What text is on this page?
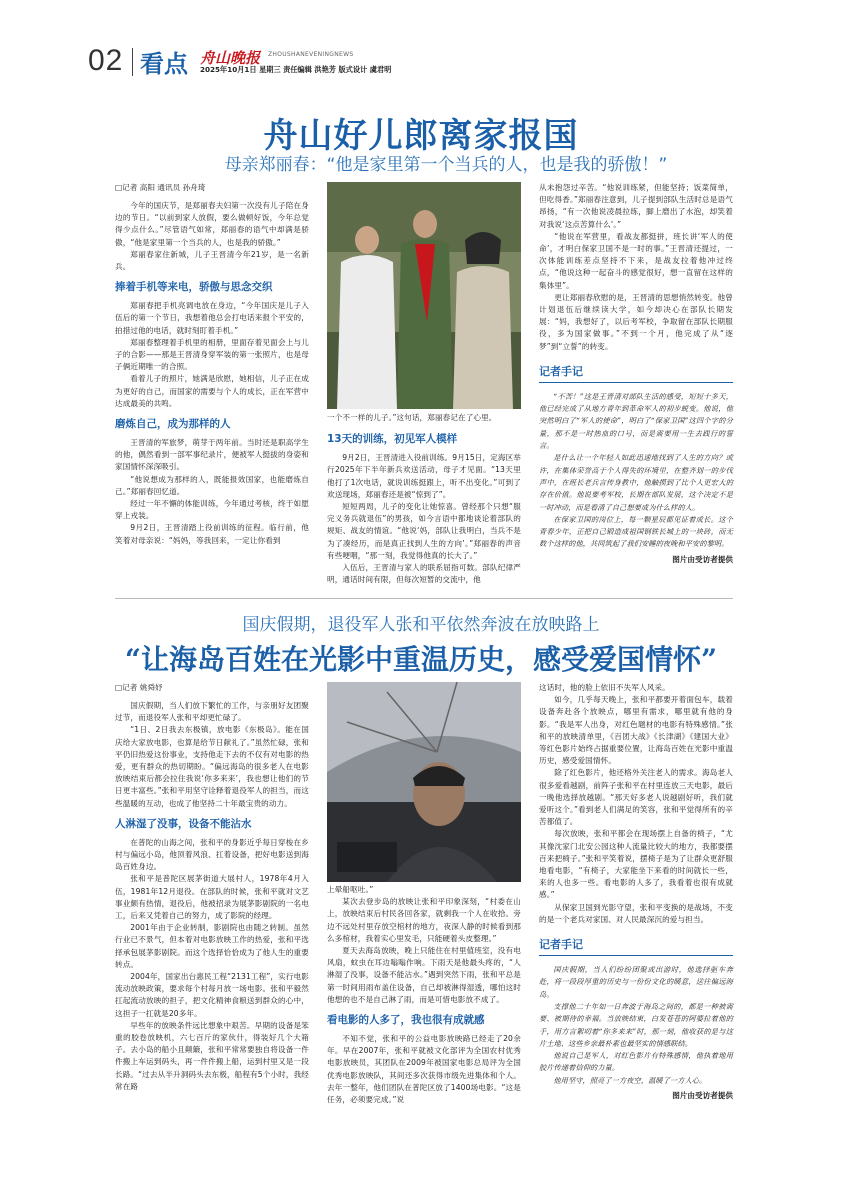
02 看点 舟山晚报 ZHOUSHANEVENINGNEWS
2025年10月1日 星期三 责任编辑 洪艳芳 版式设计 虞君明
舟山好儿郎离家报国
母亲郑丽春：“他是家里第一个当兵的人，也是我的骄傲！”
□记者 高阳 通讯员 孙舟琦

今年的国庆节，是郑丽春夫妇第一次没有儿子陪在身边的节日。“以前到家人放假，要么做顿好饭，今年总觉得少点什么。”尽管语气如常，郑丽春的语气中却满是骄傲，“他是家里第一个当兵的人，也是我的骄傲。”

郑丽春家住新城，儿子王晋清今年21岁，是一名新兵。

捧着手机等来电，骄傲与思念交织

郑丽春把手机亮调电放在身边，“今年国庆是儿子入伍后的第一个节日，我想着他总会打电话来报个平安的，拍措过他的电话，就时刻盯着手机。”

郑丽春整理着手机里的相册，里面存着见面会上与儿子的合影——那是王晋清身穿军装的第一张照片，也是母子俩近期唯一的合照。

看着儿子的照片，她满是欣慰，她相信，儿子正在成为更好的自己，而国家的需要与个人的成长，正在军营中达成最美的共鸣。

磨炼自己，成为那样的人

王晋清的军旅梦，萌芽于两年前。当时还是职高学生的他，偶然看到一部军事纪录片，便被军人挺拔的身姿和家国情怀深深吸引。

“他说想成为那样的人，既能报效国家，也能磨炼自己。”郑丽春回忆道。

经过一年不懈的体能训练，今年通过考核，终于如愿穿上戎装。

9月2日，王晋清踏上役前训练的征程。临行前，他笑着对母亲说：“妈妈，等我回来，一定让你看到

一个不一样的儿子。”这句话，郑丽春记在了心里。

13天的训练，初见军人模样

9月2日，王晋清进入役前训练。9月15日，定海区举行2025年下半年新兵欢送活动，母子才见面。“13天里他打了1次电话，就说训练挺跟上，听不出变化。”可到了欢送现场，郑丽春还是被“惊到了”。

短短两周，儿子的变化让她惊喜。曾经那个只想“服完义务兵就退伍”的男孩，如今言语中都地谈论着部队的规矩、战友的情谊。“他说‘妈，部队让我明白，当兵不是为了凑经历，而是真正找到人生的方向’。”郑丽春的声音有些哽咽，“那一刻，我觉得他真的长大了。”

入伍后，王晋清与家人的联系屈指可数。部队纪律严明，通话时间有限，但每次短暂的交流中，他

从未抱怨过辛苦。“他说训练紧，但能坚持；饭菜简单，但吃得香。”郑丽春注意到，儿子提到部队生活时总是语气昂扬，“有一次他说凌晨拉练，脚上磨出了水泡，却笑着对我说‘这点苦算什么’。”

“他说在军营里，看战友都挺拼，班长讲‘军人的使命’，才明白保家卫国不是一时的事。”王晋清还提过，一次体能训练差点坚持不下来，是战友拉着他冲过终点，“他说这种一起奋斗的感觉很好，想一直留在这样的集体里”。

更让郑丽春欣慰的是，王晋清的思想悄然转变。他曾计划退伍后继续读大学，如今却决心在部队长期发展：“妈，我想好了，以后考军校，争取留在部队长期服役，多为国家做事。”不到一个月，他完成了从“逐梦”到“立誓”的转变。

记者手记

“不苦！”这是王晋清对部队生活的感受，短短十多天，他已经完成了从地方青年到革命军人的初步蜕变。他说，他突然明白了“军人的使命”，明白了“保家卫国”这四个字的分量，那不是一时热血的口号，而是需要用一生去践行的誓言。

是什么让一个年轻人如此迅速地找到了人生的方向？或许，在集体荣誉高于个人得失的环境里，在整齐划一的步伐声中，在班长老兵言传身教中，他触摸到了比个人更宏大的存在价值。他说要考军校，长期在部队发展，这个决定不是一时冲动，而是看清了自己想要成为什么样的人。

在保家卫国的岗位上，每一颗星辰都见证着成长。这个青春少年，正把自己锻造成祖国钢铁长城上的一块砖，而无数个这样的他，共同筑起了我们安睡的夜晚和平安的黎明。

图片由受访者提供
国庆假期，退役军人张和平依然奔波在放映路上
“让海岛百姓在光影中重温历史，感受爱国情怀”
□记者 姚舜妤

国庆假期，当人们放下繁忙的工作，与亲朋好友团聚过节，而退役军人张和平却更忙碌了。

“1日、2日我去东极镇，放电影《东极岛》。能在国庆给大家放电影，也算是给节日献礼了。”虽然忙碌，张和平仍旧热爱这份事业，支持他走下去的不仅有对电影的热爱，更有群众的热切期盼。“偏远海岛的很多老人在电影放映结束后都会拉住我说‘你多来来’，我也想让他们的节日更丰富些。”张和平用坚守诠释着退役军人的担当，而这些温暖的互动，也成了他坚持二十年最宝贵的动力。

人淋湿了没事，设备不能沾水

在普陀的山海之间，张和平的身影近乎每日穿梭在乡村与偏远小岛，他顶着风浪、扛着设备，把好电影送到海岛百姓身边。

张和平是普陀区展茅街道大展村人，1978年4月入伍，1981年12月退役。在部队的时候，张和平就对文艺事业颇有热情，退役后，他被招录为展茅影剧院的一名电工，后来又凭着自己的努力，成了影院的经理。

2001年由于企业转制，影剧院也由随之转制。虽然行业已不景气，但本着对电影放映工作的热爱，张和平选择承包展茅影剧院。而这个选择恰恰成为了他人生的重要转点。

2004年，国家出台惠民工程“2131工程”，实行电影流动放映政策，要求每个村每月放一场电影。张和平毅然扛起流动放映的担子，把文化精神食粮送到群众的心中，这担子一扛就是20多年。

早些年的放映条件远比想象中艰苦。早期的设备是笨重的胶卷放映机，六七百斤的家伙什，得装好几个大箱子。去小岛的船小且颠簸，张和平常常要独自将设备一件件搬上车运到码头，再一件件搬上船，运到村里又是一段长路。“过去从半升洞码头去东极，船程有5个小时，我经常在路

上晕船呕吐。”

某次去登步岛的放映让张和平印象深刻，“村委在山上，放映结束后村民各回各家，就剩我一个人在收拾。旁边不远处村里存放空棺材的地方，夜深人静的时候看到那么多棺材，我着实心里发毛，只能硬着头皮整理。”

夏天去海岛放映，晚上只能住在村里值班室，没有电风扇，蚊虫在耳边嗡嗡作响。下雨天是他最头疼的，“人淋湿了没事，设备不能沾水。”遇到突然下雨，张和平总是第一时间用雨布盖住设备，自己却被淋得湿透，哪怕这时他想的也不是自己淋了雨，而是可惜电影放不成了。

看电影的人多了，我也很有成就感

不知不觉，张和平的公益电影放映路已经走了20余年。早在2007年，张和平就被文化部评为全国农村优秀电影放映员，其团队在2009年被国家电影总局评为全国优秀电影放映队，其间还多次获得市级先进集体和个人。去年一整年，他们团队在普陀区放了1400场电影。“这是任务，必须要完成。”说

这话时，他的脸上依旧不失军人风采。

如今，几乎每天晚上，张和平都要开着面包车，载着设备奔赴各个放映点，哪里有需求，哪里就有他的身影。“我是军人出身，对红色题材的电影有特殊感情。”张和平的放映清单里，《百团大战》《长津湖》《建国大业》等红色影片始终占据重要位置，让海岛百姓在光影中重温历史，感受爱国情怀。

除了红色影片，他还格外关注老人的需求。海岛老人很多爱看越剧，前阵子张和平在村里连放三天电影，最后一晚他选择放越剧。“那天好多老人说越剧好听，我们就爱听这个。”看到老人们满足的笑容，张和平觉得所有的辛苦都值了。

每次放映，张和平都会在现场摆上自备的椅子，“尤其像沈家门北安公园这种人流量比较大的地方，我都要摆百来把椅子。”张和平笑着说，摆椅子是为了让群众更舒服地看电影，“有椅子，大家能坐下来看的时间就长一些，来的人也多一些。看电影的人多了，我看着也很有成就感。”

从保家卫国到光影守望，张和平变换的是战场，不变的是一个老兵对家国、对人民最深沉的爱与担当。

记者手记

国庆假期，当人们纷纷团聚或出游时，他选择驱车奔赴，将一段段厚重的历史与一份份文化的暖意，送往偏远海岛。

支撑他二十年如一日奔波于海岛之间的，都是一种被需要、被期待的幸福。当放映结束，白发苍苍的阿婆拉着他的手，用方言絮叨着“你多来来”时，那一刻，他收获的是与这片土地、这些乡亲最朴素也最坚实的情感联结。

他说自己是军人，对红色影片有特殊感情，他执着地用胶片传递着信仰的力量。

他用坚守，照亮了一方夜空，温暖了一方人心。

图片由受访者提供
